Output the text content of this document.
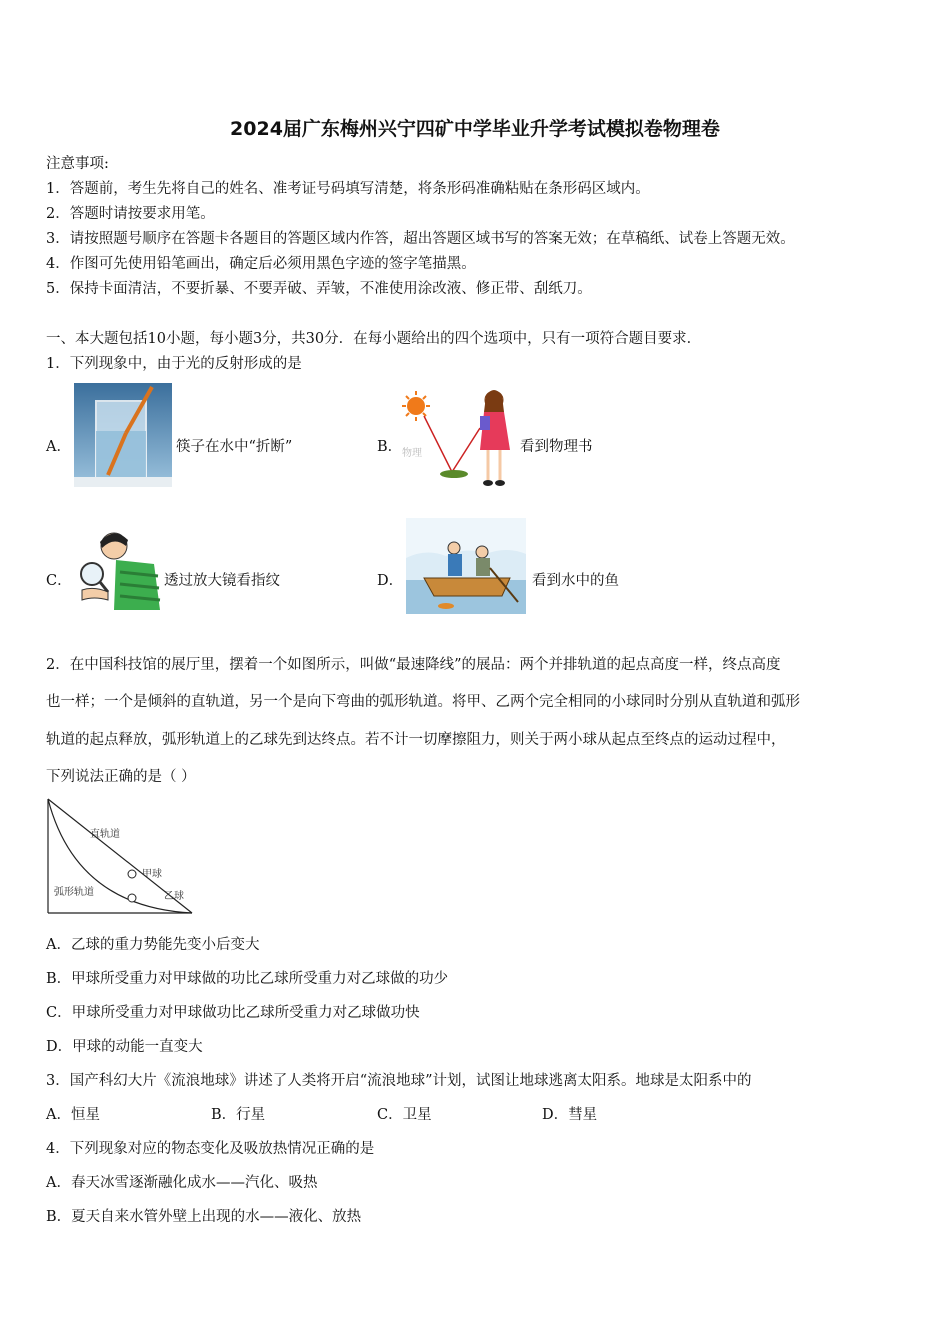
2024届广东梅州兴宁四矿中学毕业升学考试模拟卷物理卷
注意事项:
1．答题前，考生先将自己的姓名、准考证号码填写清楚，将条形码准确粘贴在条形码区域内。
2．答题时请按要求用笔。
3．请按照题号顺序在答题卡各题目的答题区域内作答，超出答题区域书写的答案无效；在草稿纸、试卷上答题无效。
4．作图可先使用铅笔画出，确定后必须用黑色字迹的签字笔描黑。
5．保持卡面清洁，不要折暴、不要弄破、弄皱，不准使用涂改液、修正带、刮纸刀。
一、本大题包括10小题，每小题3分，共30分．在每小题给出的四个选项中，只有一项符合题目要求．
1．下列现象中，由于光的反射形成的是
A．	筷子在水中“折断”	B． 物理	看到物理书
C．	透过放大镜看指纹	D．	看到水中的鱼
2．在中国科技馆的展厅里，摆着一个如图所示，叫做“最速降线”的展品：两个并排轨道的起点高度一样，终点高度
也一样；一个是倾斜的直轨道，另一个是向下弯曲的弧形轨道。将甲、乙两个完全相同的小球同时分别从直轨道和弧形
轨道的起点释放，弧形轨道上的乙球先到达终点。若不计一切摩擦阻力，则关于两小球从起点至终点的运动过程中，
下列说法正确的是（ ）
直轨道
甲球
弧形轨道	乙球
A．乙球的重力势能先变小后变大
B．甲球所受重力对甲球做的功比乙球所受重力对乙球做的功少
C．甲球所受重力对甲球做功比乙球所受重力对乙球做功快
D．甲球的动能一直变大
3．国产科幻大片《流浪地球》讲述了人类将开启“流浪地球”计划，试图让地球逃离太阳系。地球是太阳系中的
A．恒星	B．行星	C．卫星	D．彗星
4．下列现象对应的物态变化及吸放热情况正确的是
A．春天冰雪逐渐融化成水——汽化、吸热
B．夏天自来水管外壁上出现的水——液化、放热
